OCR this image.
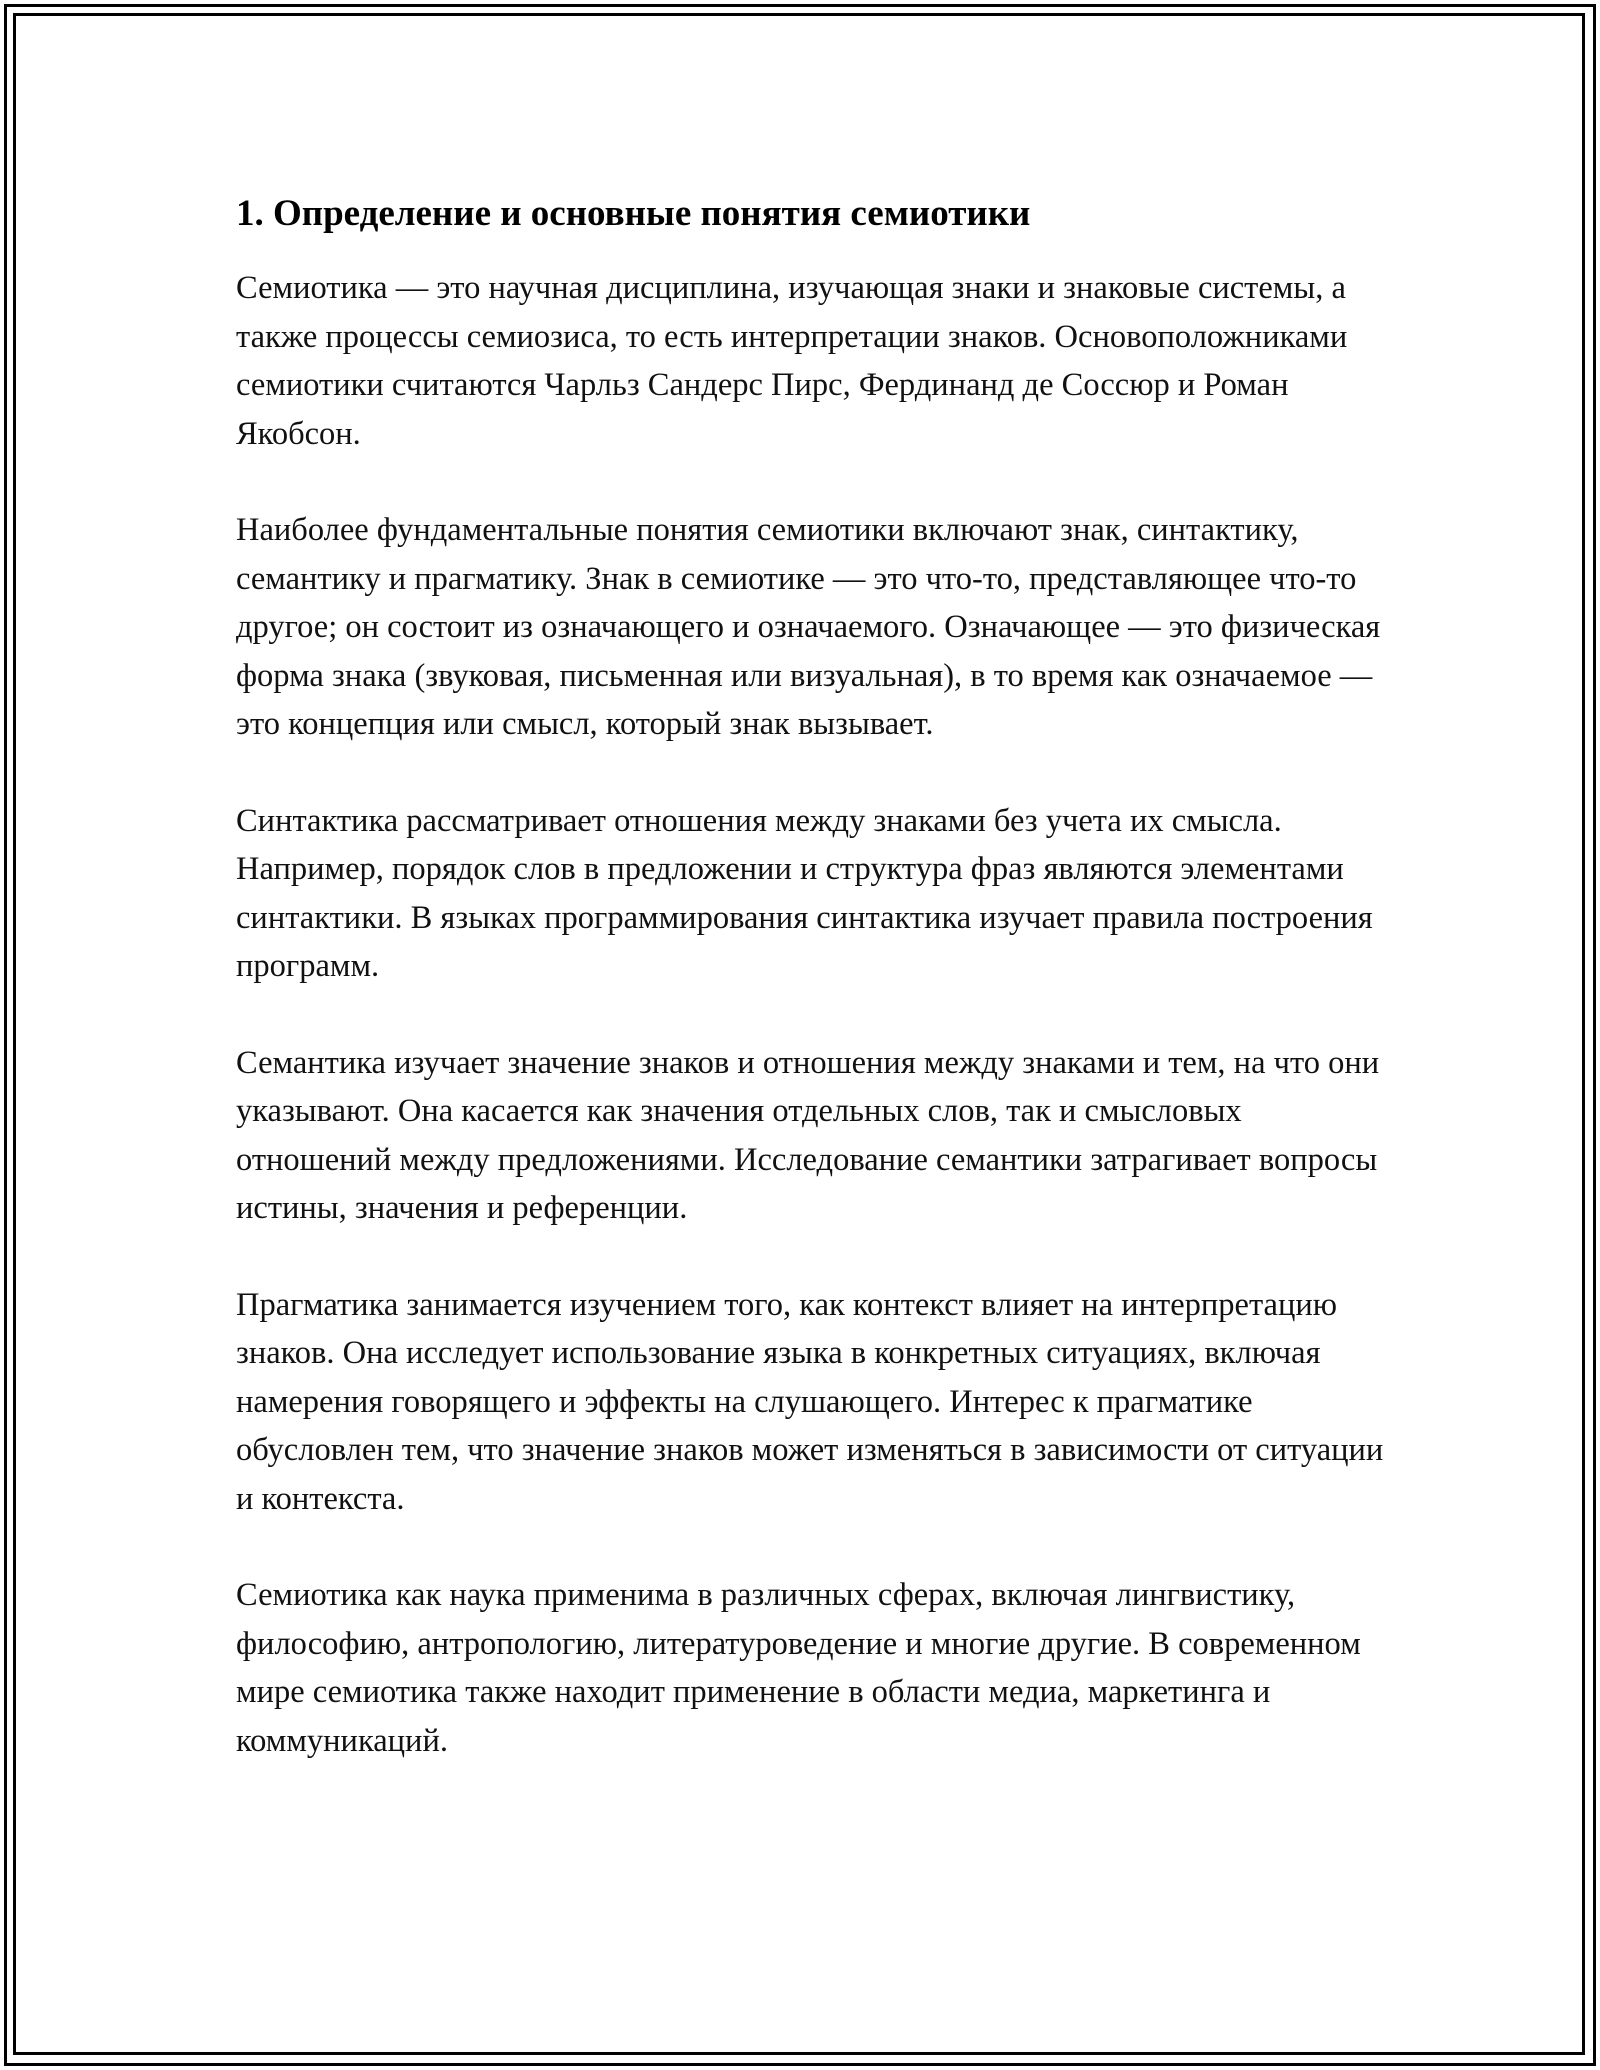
1. Определение и основные понятия семиотики

Семиотика — это научная дисциплина, изучающая знаки и знаковые системы, а также процессы семиозиса, то есть интерпретации знаков. Основоположниками семиотики считаются Чарльз Сандерс Пирс, Фердинанд де Соссюр и Роман Якобсон.

Наиболее фундаментальные понятия семиотики включают знак, синтактику, семантику и прагматику. Знак в семиотике — это что-то, представляющее что-то другое; он состоит из означающего и означаемого. Означающее — это физическая форма знака (звуковая, письменная или визуальная), в то время как означаемое — это концепция или смысл, который знак вызывает.

Синтактика рассматривает отношения между знаками без учета их смысла. Например, порядок слов в предложении и структура фраз являются элементами синтактики. В языках программирования синтактика изучает правила построения программ.

Семантика изучает значение знаков и отношения между знаками и тем, на что они указывают. Она касается как значения отдельных слов, так и смысловых отношений между предложениями. Исследование семантики затрагивает вопросы истины, значения и референции.

Прагматика занимается изучением того, как контекст влияет на интерпретацию знаков. Она исследует использование языка в конкретных ситуациях, включая намерения говорящего и эффекты на слушающего. Интерес к прагматике обусловлен тем, что значение знаков может изменяться в зависимости от ситуации и контекста.

Семиотика как наука применима в различных сферах, включая лингвистику, философию, антропологию, литературоведение и многие другие. В современном мире семиотика также находит применение в области медиа, маркетинга и коммуникаций.
